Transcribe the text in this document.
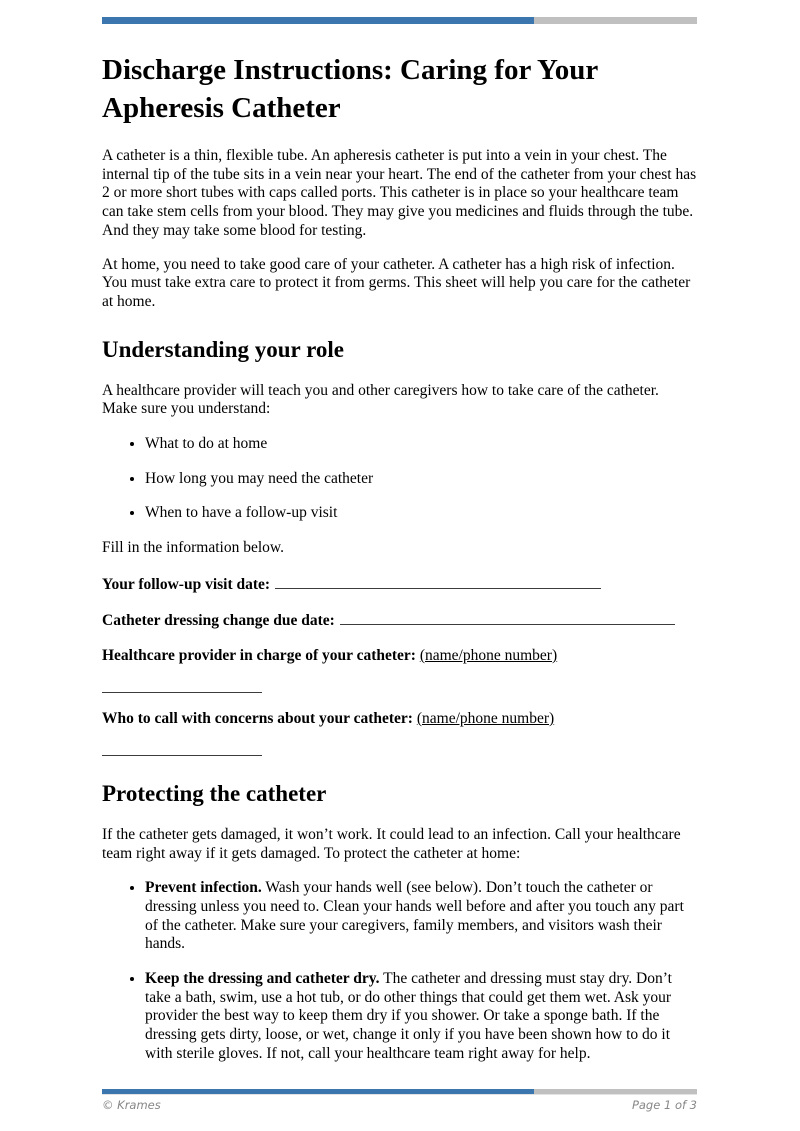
Discharge Instructions: Caring for Your Apheresis Catheter

A catheter is a thin, flexible tube. An apheresis catheter is put into a vein in your chest. The internal tip of the tube sits in a vein near your heart. The end of the catheter from your chest has 2 or more short tubes with caps called ports. This catheter is in place so your healthcare team can take stem cells from your blood. They may give you medicines and fluids through the tube. And they may take some blood for testing.

At home, you need to take good care of your catheter. A catheter has a high risk of infection. You must take extra care to protect it from germs. This sheet will help you care for the catheter at home.

Understanding your role

A healthcare provider will teach you and other caregivers how to take care of the catheter. Make sure you understand:

• What to do at home
• How long you may need the catheter
• When to have a follow-up visit

Fill in the information below.

Your follow-up visit date:
Catheter dressing change due date:
Healthcare provider in charge of your catheter: (name/phone number)
Who to call with concerns about your catheter: (name/phone number)
Protecting the catheter

If the catheter gets damaged, it won’t work. It could lead to an infection. Call your healthcare team right away if it gets damaged. To protect the catheter at home:

• Prevent infection. Wash your hands well (see below). Don’t touch the catheter or dressing unless you need to. Clean your hands well before and after you touch any part of the catheter. Make sure your caregivers, family members, and visitors wash their hands.
• Keep the dressing and catheter dry. The catheter and dressing must stay dry. Don’t take a bath, swim, use a hot tub, or do other things that could get them wet. Ask your provider the best way to keep them dry if you shower. Or take a sponge bath. If the dressing gets dirty, loose, or wet, change it only if you have been shown how to do it with sterile gloves. If not, call your healthcare team right away for help.
© Krames	Page 1 of 3
